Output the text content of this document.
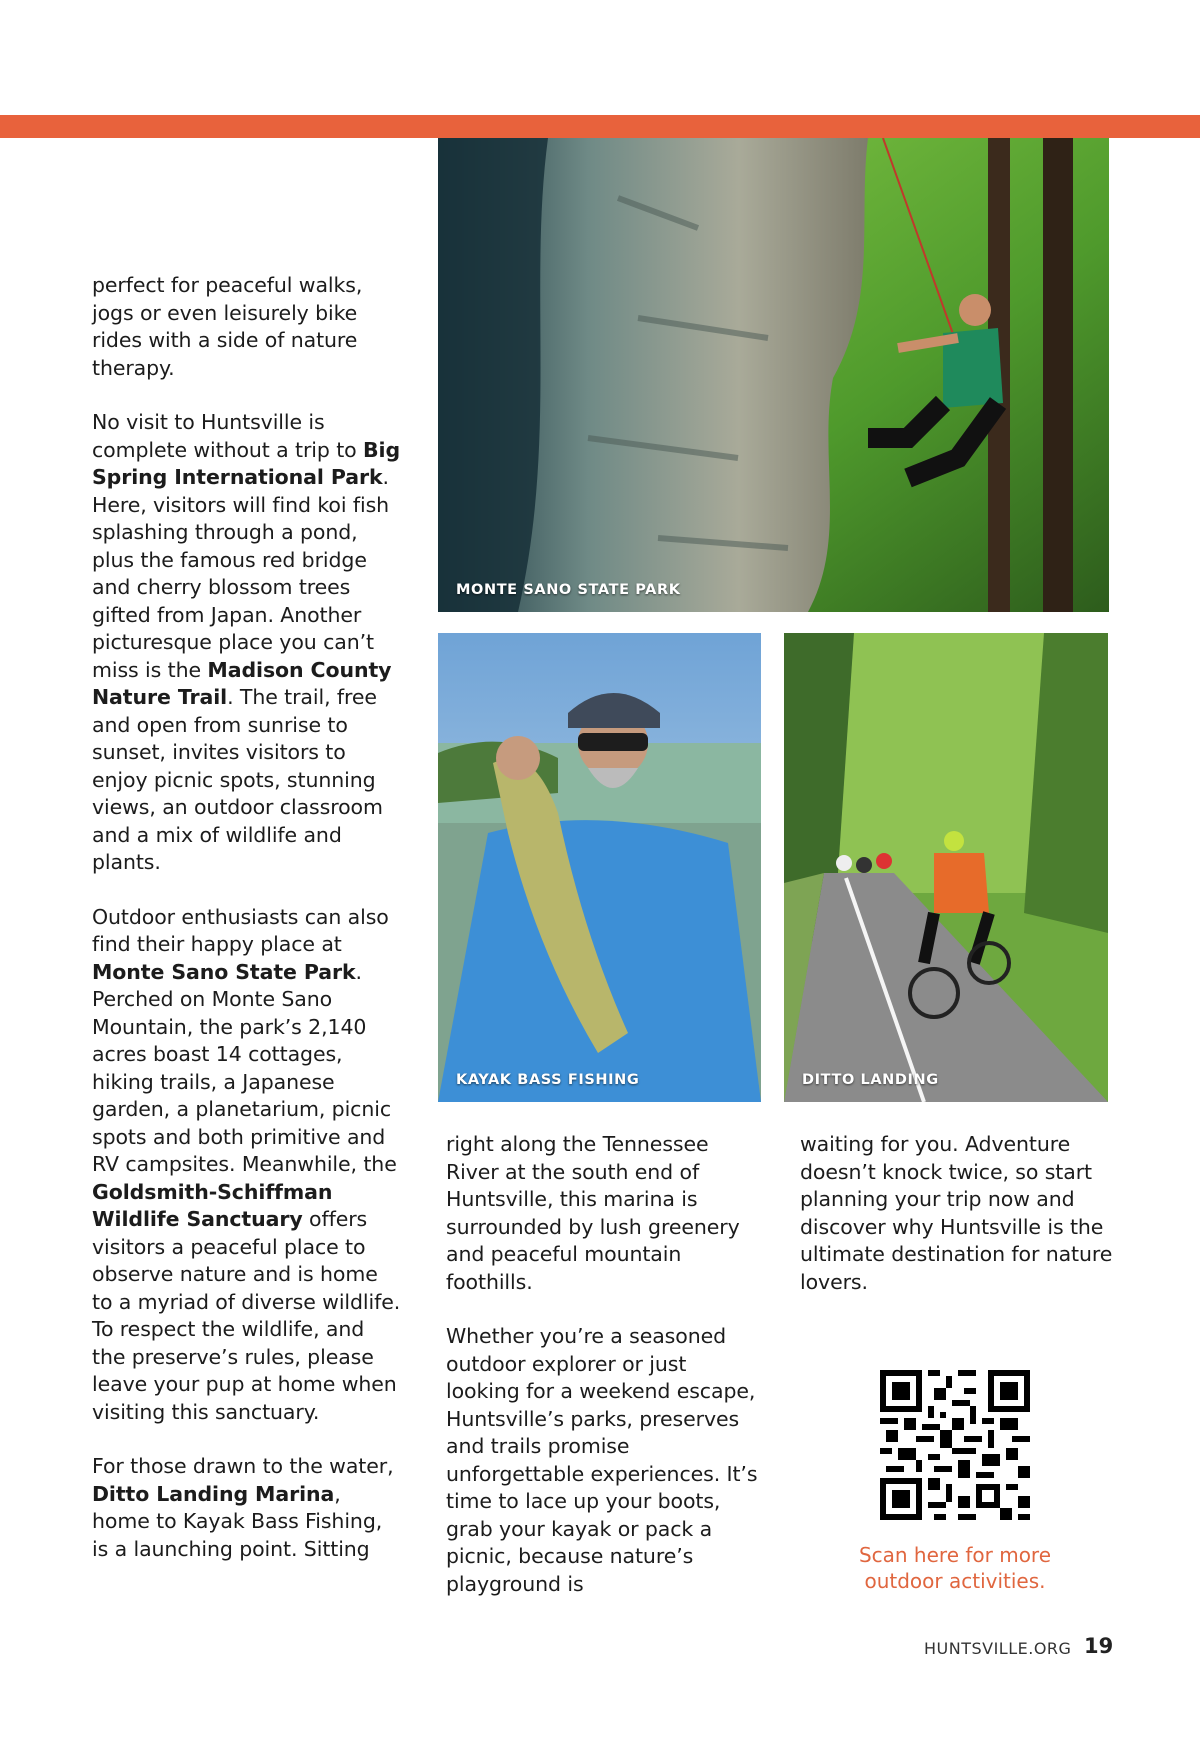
perfect for peaceful walks, jogs or even leisurely bike rides with a side of nature therapy.

No visit to Huntsville is complete without a trip to Big Spring International Park. Here, visitors will find koi fish splashing through a pond, plus the famous red bridge and cherry blossom trees gifted from Japan. Another picturesque place you can’t miss is the Madison County Nature Trail. The trail, free and open from sunrise to sunset, invites visitors to enjoy picnic spots, stunning views, an outdoor classroom and a mix of wildlife and plants.

Outdoor enthusiasts can also find their happy place at Monte Sano State Park. Perched on Monte Sano Mountain, the park’s 2,140 acres boast 14 cottages, hiking trails, a Japanese garden, a planetarium, picnic spots and both primitive and RV campsites. Meanwhile, the Goldsmith-Schiffman Wildlife Sanctuary offers visitors a peaceful place to observe nature and is home to a myriad of diverse wildlife. To respect the wildlife, and the preserve’s rules, please leave your pup at home when visiting this sanctuary.

For those drawn to the water, Ditto Landing Marina, home to Kayak Bass Fishing, is a launching point. Sitting

MONTE SANO STATE PARK
KAYAK BASS FISHING	DITTO LANDING

right along the Tennessee River at the south end of Huntsville, this marina is surrounded by lush greenery and peaceful mountain foothills.

Whether you’re a seasoned outdoor explorer or just looking for a weekend escape, Huntsville’s parks, preserves and trails promise unforgettable experiences. It’s time to lace up your boots, grab your kayak or pack a picnic, because nature’s playground is

waiting for you. Adventure doesn’t knock twice, so start planning your trip now and discover why Huntsville is the ultimate destination for nature lovers.

Scan here for more
outdoor activities.
HUNTSVILLE.ORG 19
